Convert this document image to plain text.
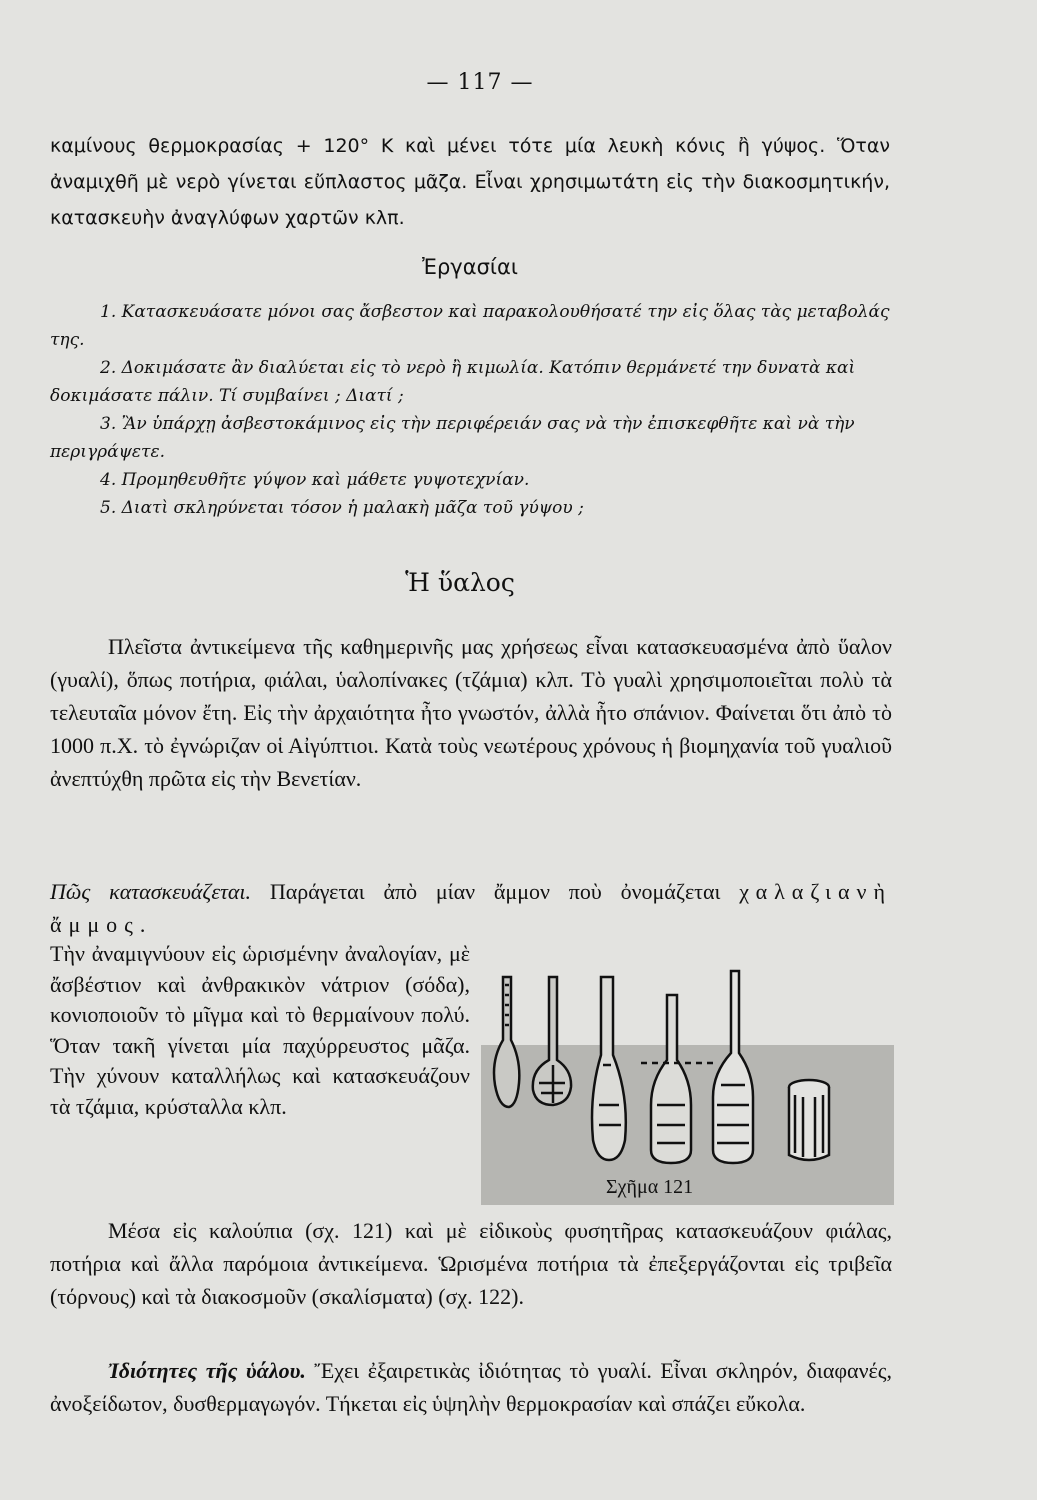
— 117 —
καμίνους θερμοκρασίας + 120° Κ καὶ μένει τότε μία λευκὴ κόνις ἢ γύψος. Ὅταν ἀναμιχθῆ μὲ νερὸ γίνεται εὔπλαστος μᾶζα. Εἶναι χρησιμωτάτη εἰς τὴν διακοσμητικήν, κατασκευὴν ἀναγλύφων χαρτῶν κλπ.
Ἐργασίαι

1. Κατασκευάσατε μόνοι σας ἄσβεστον καὶ παρακολουθήσατέ την εἰς ὅλας τὰς μεταβολάς της.

2. Δοκιμάσατε ἂν διαλύεται εἰς τὸ νερὸ ἢ κιμωλία. Κατόπιν θερμάνετέ την δυνατὰ καὶ δοκιμάσατε πάλιν. Τί συμβαίνει ; Διατί ;

3. Ἂν ὑπάρχῃ ἀσβεστοκάμινος εἰς τὴν περιφέρειάν σας νὰ τὴν ἐπισκεφθῆτε καὶ νὰ τὴν περιγράψετε.

4. Προμηθευθῆτε γύψον καὶ μάθετε γυψοτεχνίαν.

5. Διατὶ σκληρύνεται τόσον ἡ μαλακὴ μᾶζα τοῦ γύψου ;

Ἡ ὕαλος

Πλεῖστα ἀντικείμενα τῆς καθημερινῆς μας χρήσεως εἶναι κατασκευασμένα ἀπὸ ὕαλον (γυαλί), ὅπως ποτήρια, φιάλαι, ὑαλοπίνακες (τζάμια) κλπ. Τὸ γυαλὶ χρησιμοποιεῖται πολὺ τὰ τελευταῖα μόνον ἔτη. Εἰς τὴν ἀρχαιότητα ἦτο γνωστόν, ἀλλὰ ἦτο σπάνιον. Φαίνεται ὅτι ἀπὸ τὸ 1000 π.Χ. τὸ ἐγνώριζαν οἱ Αἰγύπτιοι. Κατὰ τοὺς νεωτέρους χρόνους ἡ βιομηχανία τοῦ γυαλιοῦ ἀνεπτύχθη πρῶτα εἰς τὴν Βενετίαν.

Πῶς κατασκευάζεται. Παράγεται ἀπὸ μίαν ἄμμον ποὺ ὀνομάζεται χαλαζιανὴ ἄμμος.

Τὴν ἀναμιγνύουν εἰς ὡρισμένην ἀναλογίαν, μὲ ἄσβέστιον καὶ ἀνθρακικὸν νάτριον (σόδα), κονιοποιοῦν τὸ μῖγμα καὶ τὸ θερμαίνουν πολύ. Ὅταν τακῆ γίνεται μία παχύρρευστος μᾶζα. Τὴν χύνουν καταλλήλως καὶ κατασκευάζουν τὰ τζάμια, κρύσταλλα κλπ.
Σχῆμα 121

Μέσα εἰς καλούπια (σχ. 121) καὶ μὲ εἰδικοὺς φυσητῆρας κατασκευάζουν φιάλας, ποτήρια καὶ ἄλλα παρόμοια ἀντικείμενα. Ὡρισμένα ποτήρια τὰ ἐπεξεργάζονται εἰς τριβεῖα (τόρνους) καὶ τὰ διακοσμοῦν (σκαλίσματα) (σχ. 122).

Ἰδιότητες τῆς ὑάλου. Ἔχει ἐξαιρετικὰς ἰδιότητας τὸ γυαλί. Εἶναι σκληρόν, διαφανές, ἀνοξείδωτον, δυσθερμαγωγόν. Τήκεται εἰς ὑψηλὴν θερμοκρασίαν καὶ σπάζει εὔκολα.
